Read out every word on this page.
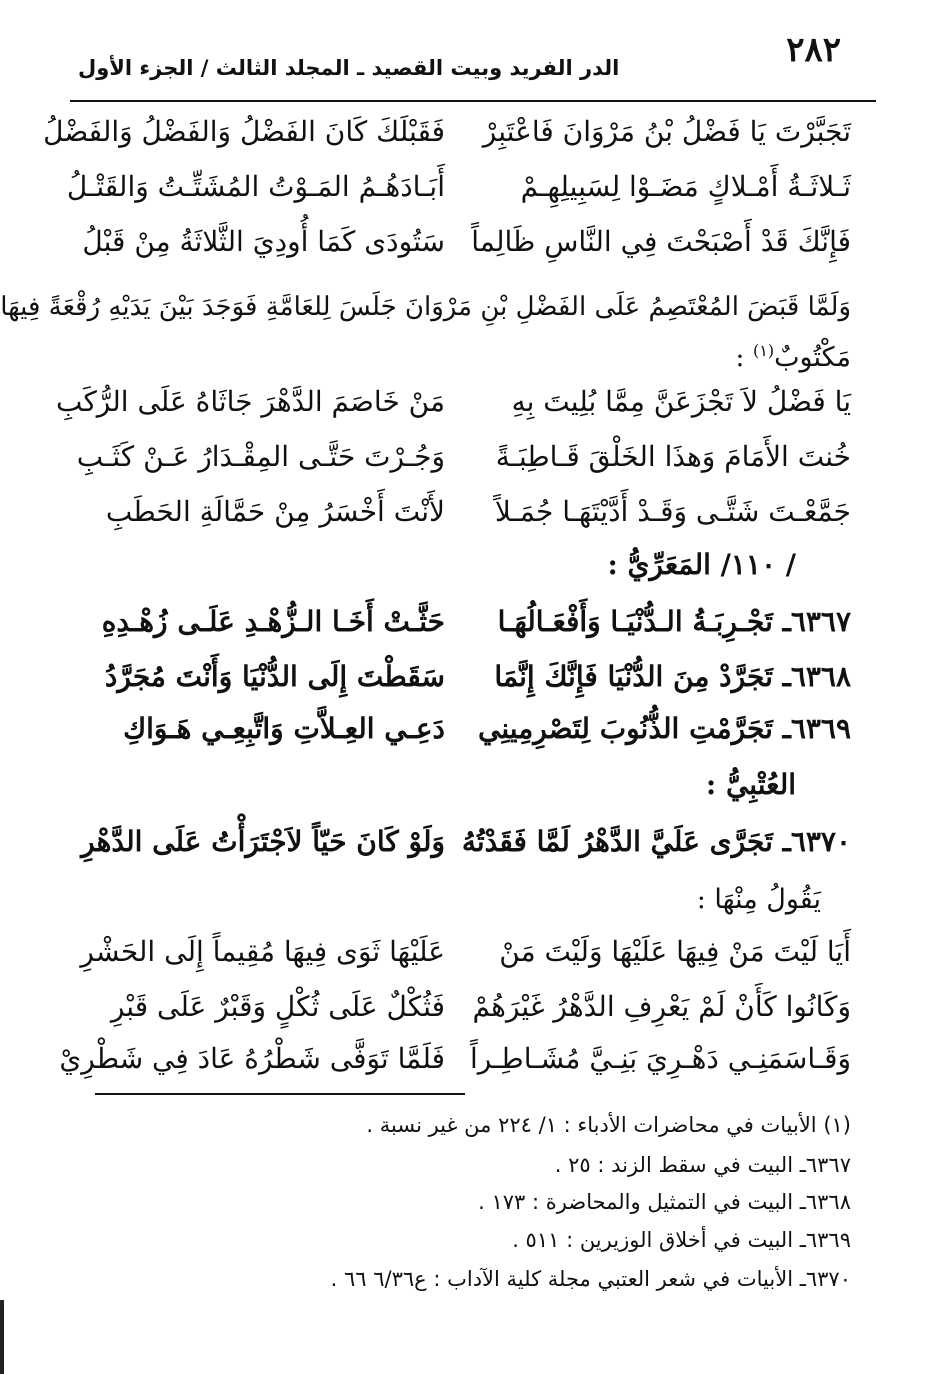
٢٨٢
الدر الفريد وبيت القصيد ـ المجلد الثالث / الجزء الأول
تَجَبَّرْتَ يَا فَضْلُ بْنُ مَرْوَانَ فَاعْتَبِرْ
فَقَبْلَكَ كَانَ الفَضْلُ وَالفَضْلُ وَالفَضْلُ
ثَـلاثَـةُ أَمْـلاكٍ مَضَـوْا لِسَبِيلِهِـمْ
أَبَـادَهُـمُ المَـوْتُ المُشَتِّـتُ وَالقَتْـلُ
فَإِنَّكَ قَدْ أَصْبَحْتَ فِي النَّاسِ ظَالِماً
سَتُودَى كَمَا أُودِيَ الثَّلاثَةُ مِنْ قَبْلُ
وَلَمَّا قَبَضَ المُعْتَصِمُ عَلَى الفَضْلِ بْنِ مَرْوَانَ جَلَسَ لِلعَامَّةِ فَوَجَدَ بَيْنَ يَدَيْهِ رُقْعَةً فِيهَا
مَكْتُوبٌ$^{(١)}$ :
يَا فَضْلُ لاَ تَجْزَعَنَّ مِمَّا بُلِيتَ بِهِ
مَنْ خَاصَمَ الدَّهْرَ جَاثَاهُ عَلَى الرُّكَبِ
خُنتَ الأَمَامَ وَهذَا الخَلْقَ قَـاطِبَـةً
وَجُـرْتَ حَتَّـى المِقْـدَارُ عَـنْ كَثَـبِ
جَمَّعْـتَ شَتَّـى وَقَـدْ أَدَّيْتَهَـا جُمَـلاً
لأَنْتَ أَخْسَرُ مِنْ حَمَّالَةِ الحَطَبِ
/ ١١٠/ المَعَرِّيُّ :
٦٣٦٧ـ تَجْـرِبَـةُ الـدُّنْيَـا وَأَفْعَـالُهَـا
حَثَّـتْ أَخَـا الـزُّهْـدِ عَلَـى زُهْـدِهِ
٦٣٦٨ـ تَجَرَّدْ مِنَ الدُّنْيَا فَإِنَّكَ إِنَّمَا
سَقَطْتَ إِلَى الدُّنْيَا وَأَنْتَ مُجَرَّدُ
٦٣٦٩ـ تَجَرَّمْتِ الذُّنُوبَ لِتَصْرِمِينِي
دَعِـي العِـلاَّتِ وَاتَّبِعِـي هَـوَاكِ
العُتْبِيُّ :
٦٣٧٠ـ تَجَرَّى عَلَيَّ الدَّهْرُ لَمَّا فَقَدْتُهُ
وَلَوْ كَانَ حَيّاً لاَجْتَرَأْتُ عَلَى الدَّهْرِ
يَقُولُ مِنْهَا :
أَيَا لَيْتَ مَنْ فِيهَا عَلَيْهَا وَلَيْتَ مَنْ
عَلَيْهَا ثَوَى فِيهَا مُقِيماً إِلَى الحَشْرِ
وَكَانُوا كَأَنْ لَمْ يَعْرِفِ الدَّهْرُ غَيْرَهُمْ
فَثُكْلٌ عَلَى ثُكْلٍ وَقَبْرٌ عَلَى قَبْرِ
وَقَـاسَمَنِـي دَهْـرِيَ بَنِـيَّ مُشَـاطِـراً
فَلَمَّا تَوَفَّى شَطْرُهُ عَادَ فِي شَطْرِيْ
(١) الأبيات في محاضرات الأدباء : ١/ ٢٢٤ من غير نسبة .
٦٣٦٧ـ البيت في سقط الزند : ٢٥ .
٦٣٦٨ـ البيت في التمثيل والمحاضرة : ١٧٣ .
٦٣٦٩ـ البيت في أخلاق الوزيرين : ٥١١ .
٦٣٧٠ـ الأبيات في شعر العتبي مجلة كلية الآداب : ع٦/٣٦ ٦٦ .
